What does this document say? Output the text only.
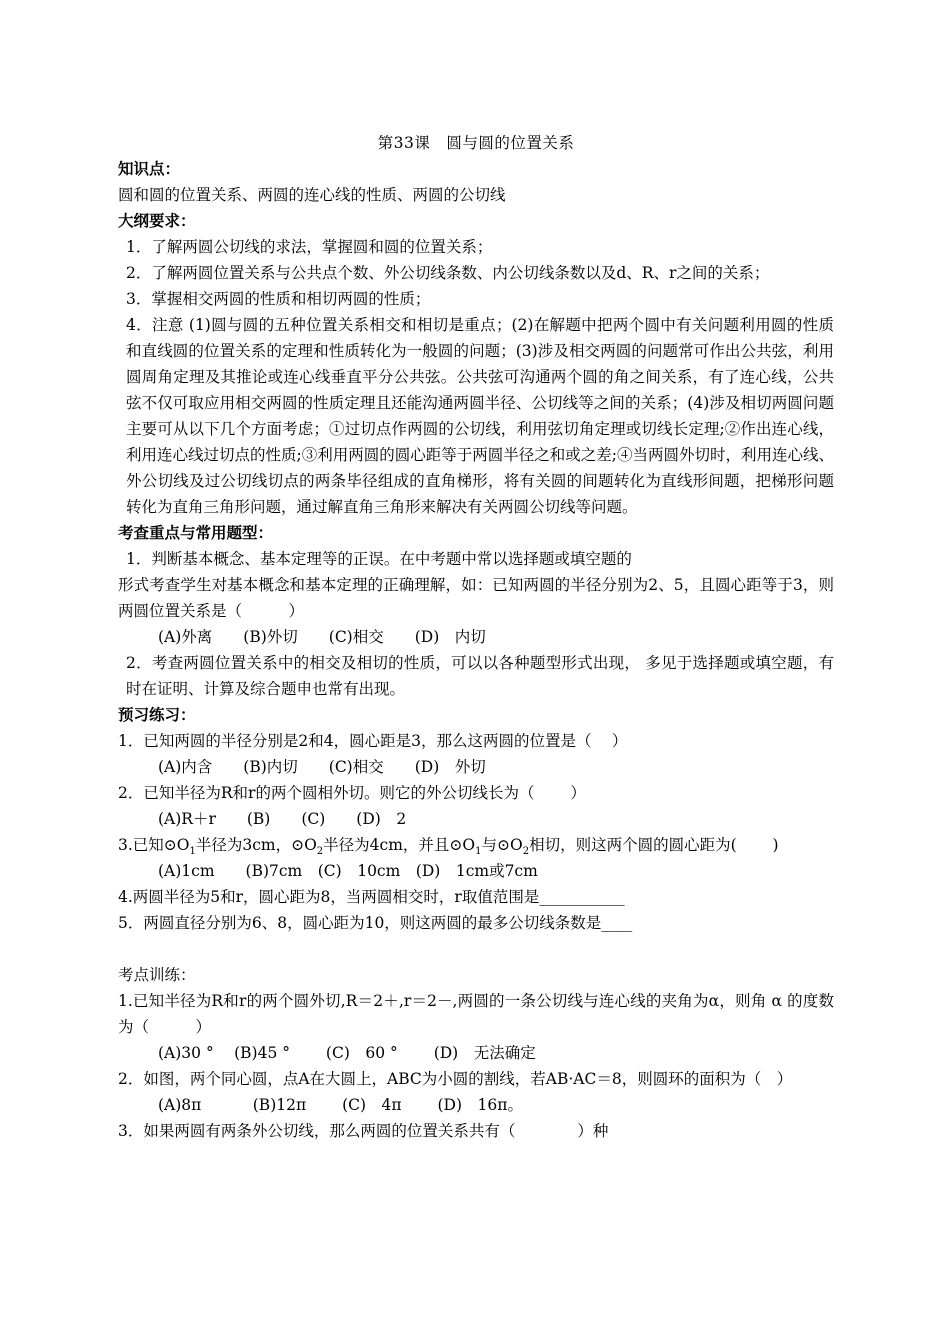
第33课　圆与圆的位置关系
知识点：
圆和圆的位置关系、两圆的连心线的性质、两圆的公切线
大纲要求：
1．了解两圆公切线的求法，掌握圆和圆的位置关系；
2．了解两圆位置关系与公共点个数、外公切线条数、内公切线条数以及d、R、r之间的关系；
3．掌握相交两圆的性质和相切两圆的性质；
4．注意 (1)圆与圆的五种位置关系相交和相切是重点；(2)在解题中把两个圆中有关问题利用圆的性质和直线圆的位置关系的定理和性质转化为一般圆的问题；(3)涉及相交两圆的问题常可作出公共弦，利用圆周角定理及其推论或连心线垂直平分公共弦。公共弦可沟通两个圆的角之间关系，有了连心线，公共弦不仅可取应用相交两圆的性质定理且还能沟通两圆半径、公切线等之间的关系；(4)涉及相切两圆问题主要可从以下几个方面考虑；①过切点作两圆的公切线，利用弦切角定理或切线长定理;②作出连心线，利用连心线过切点的性质;③利用两圆的圆心距等于两圆半径之和或之差;④当两圆外切时，利用连心线、外公切线及过公切线切点的两条毕径组成的直角梯形，将有关圆的间题转化为直线形间题，把梯形问题转化为直角三角形问题，通过解直角三角形来解决有关两圆公切线等问题。
考查重点与常用题型：
1．判断基本概念、基本定理等的正误。在中考题中常以选择题或填空题的
形式考查学生对基本概念和基本定理的正确理解，如：已知两圆的半径分别为2、5，且圆心距等于3，则两圆位置关系是（　　　）
(A)外离　　(B)外切　　(C)相交　　(D)　内切
2．考查两圆位置关系中的相交及相切的性质，可以以各种题型形式出现， 多见于选择题或填空题，有时在证明、计算及综合题申也常有出现。
预习练习：
1．已知两圆的半径分别是2和4，圆心距是3，那么这两圆的位置是（　 ）
(A)内含　　(B)内切　　(C)相交　　(D)　外切
2．已知半径为R和r的两个圆相外切。则它的外公切线长为（　　 ）
(A)R＋r　　(B)　　(C)　　(D)　2
3.已知$⊙O_1$半径为3cm，$⊙O_2$半径为4cm，并且$⊙O_1$与$⊙O_2$相切，则这两个圆的圆心距为(　　 )
(A)1cm　　(B)7cm　(C)　10cm　(D)　1cm或7cm
4.两圆半径为5和r，圆心距为8，当两圆相交时，r取值范围是___________
5．两圆直径分别为6、8，圆心距为10，则这两圆的最多公切线条数是____
考点训练：
1.已知半径为R和r的两个圆外切,R＝2＋,r＝2－,两圆的一条公切线与连心线的夹角为α，则角 α 的度数为（　　　）
(A)30 °　 (B)45 °　　 (C)　60 °　　 (D)　无法确定
2．如图，两个同心圆，点A在大圆上，ABC为小圆的割线，若AB·AC＝8，则圆环的面积为（　）
(A)8π　　　 (B)12π　　 (C)　4π　　 (D)　16π。
3．如果两圆有两条外公切线，那么两圆的位置关系共有（　　　　）种
